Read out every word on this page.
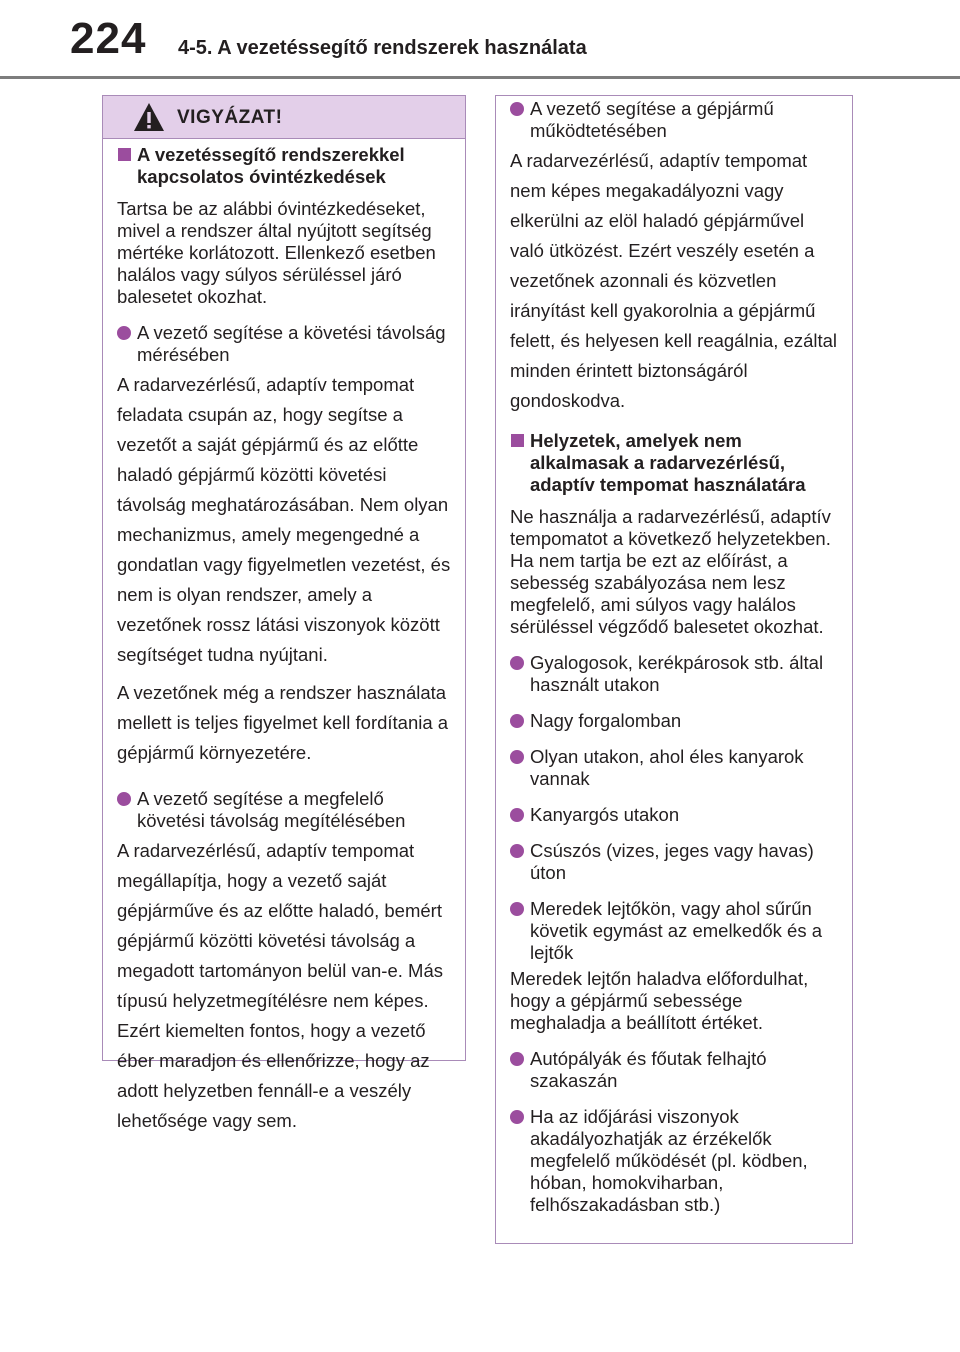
224 4-5. A vezetéssegítő rendszerek használata
VIGYÁZAT!
A vezetéssegítő rendszerekkel kapcsolatos óvintézkedések
Tartsa be az alábbi óvintézkedéseket, mivel a rendszer által nyújtott segítség mértéke korlátozott. Ellenkező esetben halálos vagy súlyos sérüléssel járó balesetet okozhat.
A vezető segítése a követési távolság mérésében
A radarvezérlésű, adaptív tempomat feladata csupán az, hogy segítse a vezetőt a saját gépjármű és az előtte haladó gépjármű közötti követési távolság meghatározásában. Nem olyan mechanizmus, amely megengedné a gondatlan vagy figyelmetlen vezetést, és nem is olyan rendszer, amely a vezetőnek rossz látási viszonyok között segítséget tudna nyújtani.
A vezetőnek még a rendszer használata mellett is teljes figyelmet kell fordítania a gépjármű környezetére.
A vezető segítése a megfelelő követési távolság megítélésében
A radarvezérlésű, adaptív tempomat megállapítja, hogy a vezető saját gépjárműve és az előtte haladó, bemért gépjármű közötti követési távolság a megadott tartományon belül van-e. Más típusú helyzetmegítélésre nem képes. Ezért kiemelten fontos, hogy a vezető éber maradjon és ellenőrizze, hogy az adott helyzetben fennáll-e a veszély lehetősége vagy sem.
A vezető segítése a gépjármű működtetésében
A radarvezérlésű, adaptív tempomat nem képes megakadályozni vagy elkerülni az elöl haladó gépjárművel való ütközést. Ezért veszély esetén a vezetőnek azonnali és közvetlen irányítást kell gyakorolnia a gépjármű felett, és helyesen kell reagálnia, ezáltal minden érintett biztonságáról gondoskodva.
Helyzetek, amelyek nem alkalmasak a radarvezérlésű, adaptív tempomat használatára
Ne használja a radarvezérlésű, adaptív tempomatot a következő helyzetekben. Ha nem tartja be ezt az előírást, a sebesség szabályozása nem lesz megfelelő, ami súlyos vagy halálos sérüléssel végződő balesetet okozhat.
Gyalogosok, kerékpárosok stb. által használt utakon
Nagy forgalomban
Olyan utakon, ahol éles kanyarok vannak
Kanyargós utakon
Csúszós (vizes, jeges vagy havas) úton
Meredek lejtőkön, vagy ahol sűrűn követik egymást az emelkedők és a lejtők
Meredek lejtőn haladva előfordulhat, hogy a gépjármű sebessége meghaladja a beállított értéket.
Autópályák és főutak felhajtó szakaszán
Ha az időjárási viszonyok akadályozhatják az érzékelők megfelelő működését (pl. ködben, hóban, homokviharban, felhőszakadásban stb.)
